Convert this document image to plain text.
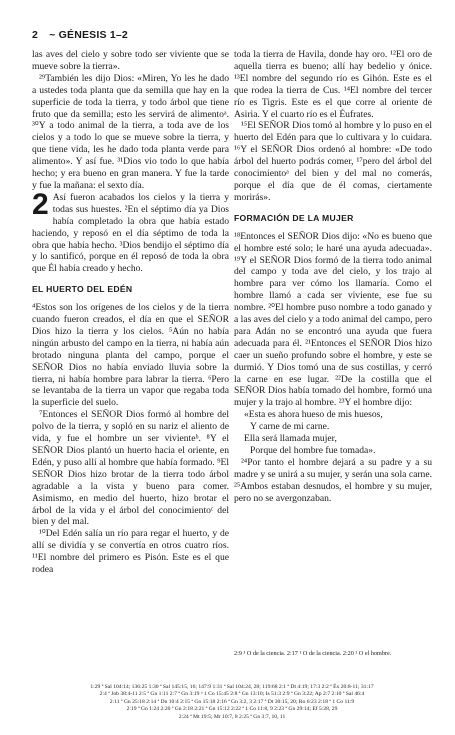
2 ~ GÉNESIS 1–2

las aves del cielo y sobre todo ser viviente que se mueve sobre la tierra».

²⁹También les dijo Dios: «Miren, Yo les he dado a ustedes toda planta que da semilla que hay en la superficie de toda la tierra, y todo árbol que tiene fruto que da semilla; esto les servirá de alimentoᵃ. ³⁰Y a todo animal de la tierra, a toda ave de los cielos y a todo lo que se mueve sobre la tierra, y que tiene vida, les he dado toda planta verde para alimento». Y así fue. ³¹Dios vio todo lo que había hecho; y era bueno en gran manera. Y fue la tarde y fue la mañana: el sexto día.

2 Así fueron acabados los cielos y la tierra y todas sus huestes. ²En el séptimo día ya Dios había completado la obra que había estado haciendo, y reposó en el día séptimo de toda la obra que había hecho. ³Dios bendijo el séptimo día y lo santificó, porque en él reposó de toda la obra que Él había creado y hecho.

EL HUERTO DEL EDÉN

⁴Estos son los orígenes de los cielos y de la tierra cuando fueron creados, el día en que el SEÑOR Dios hizo la tierra y los cielos. ⁵Aún no había ningún arbusto del campo en la tierra, ni había aún brotado ninguna planta del campo, porque el SEÑOR Dios no había enviado lluvia sobre la tierra, ni había hombre para labrar la tierra. ⁶Pero se levantaba de la tierra un vapor que regaba toda la superficie del suelo.

⁷Entonces el SEÑOR Dios formó al hombre del polvo de la tierra, y sopló en su nariz el aliento de vida, y fue el hombre un ser vivienteᵇ. ⁸Y el SEÑOR Dios plantó un huerto hacia el oriente, en Edén, y puso allí al hombre que había formado. ⁹El SEÑOR Dios hizo brotar de la tierra todo árbol agradable a la vista y bueno para comer. Asimismo, en medio del huerto, hizo brotar el árbol de la vida y el árbol del conocimientoᶜ del bien y del mal.

¹⁰Del Edén salía un río para regar el huerto, y de allí se dividía y se convertía en otros cuatro ríos. ¹¹El nombre del primero es Pisón. Este es el que rodea

toda la tierra de Havila, donde hay oro. ¹²El oro de aquella tierra es bueno; allí hay bedelio y ónice. ¹³El nombre del segundo río es Gihón. Este es el que rodea la tierra de Cus. ¹⁴El nombre del tercer río es Tigris. Este es el que corre al oriente de Asiria. Y el cuarto río es el Éufrates.

¹⁵El SEÑOR Dios tomó al hombre y lo puso en el huerto del Edén para que lo cultivara y lo cuidara. ¹⁶Y el SEÑOR Dios ordenó al hombre: «De todo árbol del huerto podrás comer, ¹⁷pero del árbol del conocimientoᵃ del bien y del mal no comerás, porque el día que de él comas, ciertamente morirás».

FORMACIÓN DE LA MUJER

¹⁸Entonces el SEÑOR Dios dijo: «No es bueno que el hombre esté solo; le haré una ayuda adecuada». ¹⁹Y el SEÑOR Dios formó de la tierra todo animal del campo y toda ave del cielo, y los trajo al hombre para ver cómo los llamaría. Como el hombre llamó a cada ser viviente, ese fue su nombre. ²⁰El hombre puso nombre a todo ganado y a las aves del cielo y a todo animal del campo, pero para Adán no se encontró una ayuda que fuera adecuada para él. ²¹Entonces el SEÑOR Dios hizo caer un sueño profundo sobre el hombre, y este se durmió. Y Dios tomó una de sus costillas, y cerró la carne en ese lugar. ²²De la costilla que el SEÑOR Dios había tomado del hombre, formó una mujer y la trajo al hombre. ²³Y el hombre dijo:

«Esta es ahora hueso de mis huesos,

Y carne de mi carne.

Ella será llamada mujer,

Porque del hombre fue tomada».

²⁴Por tanto el hombre dejará a su padre y a su madre y se unirá a su mujer, y serán una sola carne. ²⁵Ambos estaban desnudos, el hombre y su mujer, pero no se avergonzaban.

2:9 ¹ O de la ciencia. 2:17 ¹ O de la ciencia. 2:20 ¹ O el hombre.
1:29 ª Sal 104:14; 136:25 1:30 ª Sal 145:15, 16; 147:9 1:31 ª Sal 104:24, 28; 119:68 2:1 ª Dt 4:19; 17:3 2:2 ª Éx 20:8-11; 31:17
2:4 ª Job 38:4-11 2:5 ª Gn 1:11 2:7 ª Gn 3:19 ᵇ 1 Co 15:45 2:8 ª Gn 13:10; Is 51:3 2:9 ª Gn 3:22; Ap 2:7 2:10 ª Sal 46:4
2:11 ª Gn 25:18 2:14 ª Dn 10:4 2:15 ª Gn 15:18 2:16 ª Gn 3:2, 3 2:17 ª Dt 30:15, 20; Ro 6:23 2:18 ª 1 Co 11:9
2:19 ª Gn 1:24 2:20 ª Gn 2:18 2:21 ª Gn 15:12 2:22 ª 1 Co 11:8, 9 2:23 ª Gn 29:14; Ef 5:28, 29
2:24 ª Mt 19:5; Mr 10:7, 8 2:25 ª Gn 3:7, 10, 11
